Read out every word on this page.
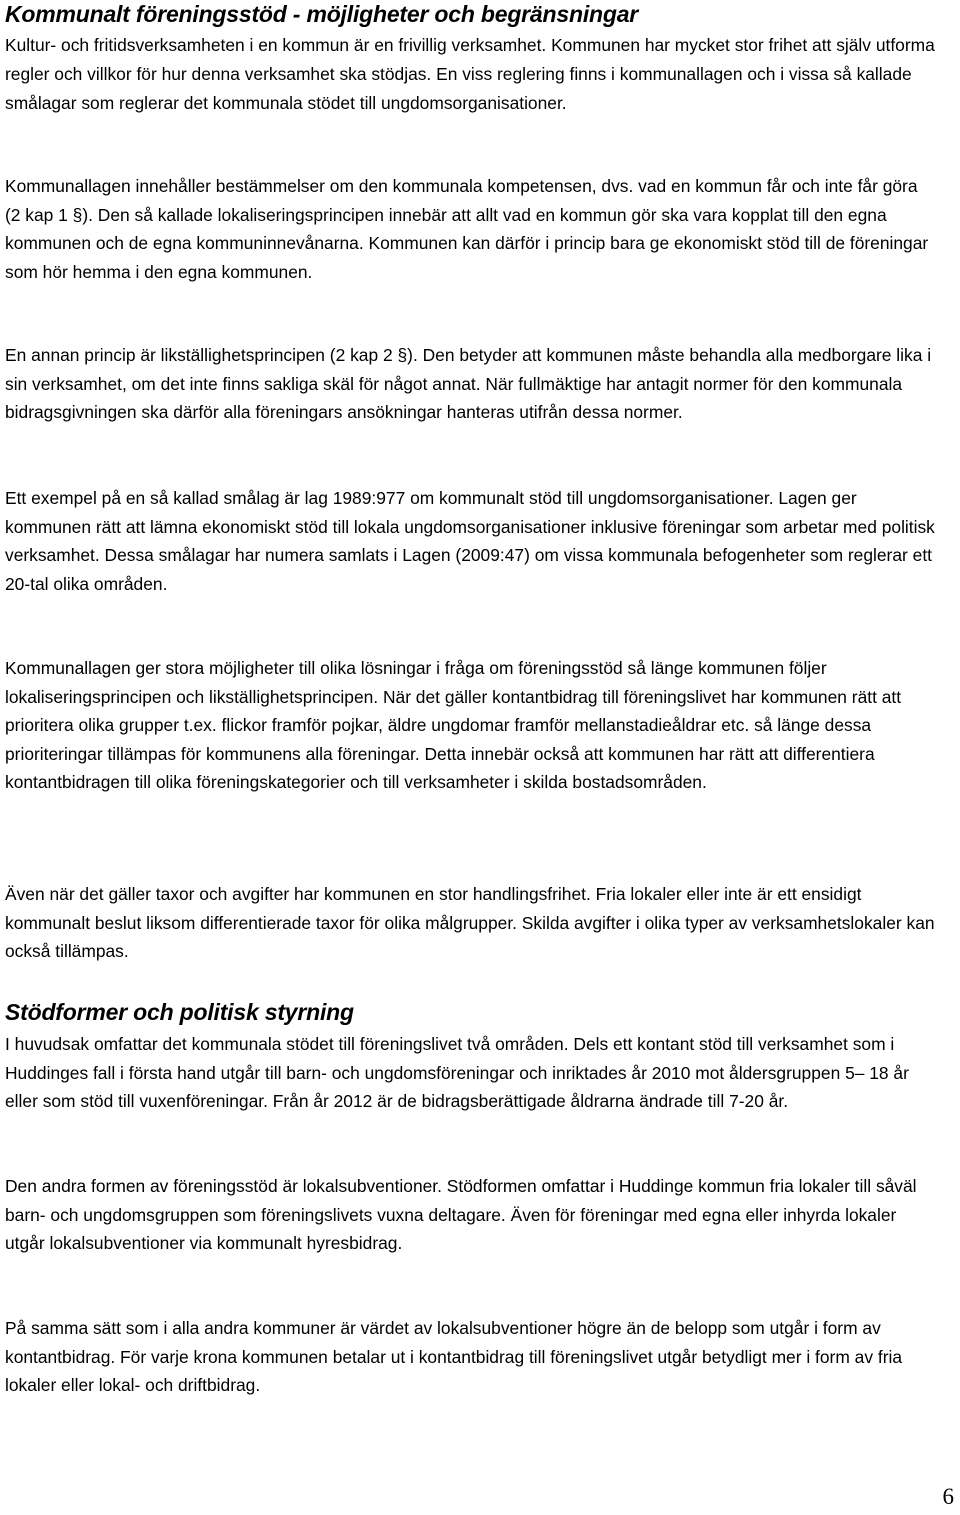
Kommunalt föreningsstöd - möjligheter och begränsningar

Kultur- och fritidsverksamheten i en kommun är en frivillig verksamhet. Kommunen har mycket stor frihet att själv utforma regler och villkor för hur denna verksamhet ska stödjas. En viss reglering finns i kommunallagen och i vissa så kallade smålagar som reglerar det kommunala stödet till ungdomsorganisationer.

Kommunallagen innehåller bestämmelser om den kommunala kompetensen, dvs. vad en kommun får och inte får göra (2 kap 1 §). Den så kallade lokaliseringsprincipen innebär att allt vad en kommun gör ska vara kopplat till den egna kommunen och de egna kommuninnevånarna. Kommunen kan därför i princip bara ge ekonomiskt stöd till de föreningar som hör hemma i den egna kommunen.

En annan princip är likställighetsprincipen (2 kap 2 §). Den betyder att kommunen måste behandla alla medborgare lika i sin verksamhet, om det inte finns sakliga skäl för något annat. När fullmäktige har antagit normer för den kommunala bidragsgivningen ska därför alla föreningars ansökningar hanteras utifrån dessa normer.

Ett exempel på en så kallad smålag är lag 1989:977 om kommunalt stöd till ungdomsorganisationer. Lagen ger kommunen rätt att lämna ekonomiskt stöd till lokala ungdomsorganisationer inklusive föreningar som arbetar med politisk verksamhet. Dessa smålagar har numera samlats i Lagen (2009:47) om vissa kommunala befogenheter som reglerar ett 20-tal olika områden.

Kommunallagen ger stora möjligheter till olika lösningar i fråga om föreningsstöd så länge kommunen följer lokaliseringsprincipen och likställighetsprincipen. När det gäller kontantbidrag till föreningslivet har kommunen rätt att prioritera olika grupper t.ex. flickor framför pojkar, äldre ungdomar framför mellanstadieåldrar etc. så länge dessa prioriteringar tillämpas för kommunens alla föreningar. Detta innebär också att kommunen har rätt att differentiera kontantbidragen till olika föreningskategorier och till verksamheter i skilda bostadsområden.

Även när det gäller taxor och avgifter har kommunen en stor handlingsfrihet. Fria lokaler eller inte är ett ensidigt kommunalt beslut liksom differentierade taxor för olika målgrupper. Skilda avgifter i olika typer av verksamhetslokaler kan också tillämpas.

Stödformer och politisk styrning

I huvudsak omfattar det kommunala stödet till föreningslivet två områden. Dels ett kontant stöd till verksamhet som i Huddinges fall i första hand utgår till barn- och ungdomsföreningar och inriktades år 2010 mot åldersgruppen 5– 18 år eller som stöd till vuxenföreningar. Från år 2012 är de bidragsberättigade åldrarna ändrade till 7-20 år.

Den andra formen av föreningsstöd är lokalsubventioner. Stödformen omfattar i Huddinge kommun fria lokaler till såväl barn- och ungdomsgruppen som föreningslivets vuxna deltagare. Även för föreningar med egna eller inhyrda lokaler utgår lokalsubventioner via kommunalt hyresbidrag.

På samma sätt som i alla andra kommuner är värdet av lokalsubventioner högre än de belopp som utgår i form av kontantbidrag. För varje krona kommunen betalar ut i kontantbidrag till föreningslivet utgår betydligt mer i form av fria lokaler eller lokal- och driftbidrag.

6
